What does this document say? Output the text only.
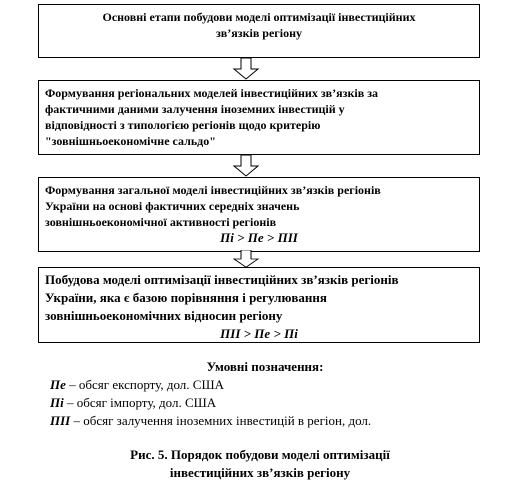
Основні етапи побудови моделі оптимізації інвестиційних
зв’язків регіону
Формування регіональних моделей інвестиційних зв’язків за
фактичними даними залучення іноземних інвестицій у
відповідності з типологією регіонів щодо критерію
"зовнішньоекономічне сальдо"
Формування загальної моделі інвестиційних зв’язків регіонів
України на основі фактичних середніх значень
зовнішньоекономічної активності регіонів
Пі > Пе > ПІІ
Побудова моделі оптимізації інвестиційних зв’язків регіонів
України, яка є базою порівняння і регулювання
зовнішньоекономічних відносин регіону
ПІІ > Пе > Пі
Умовні позначення:
Пе – обсяг експорту, дол. США
Пі – обсяг імпорту, дол. США
ПІІ – обсяг залучення іноземних інвестицій в регіон, дол.
Рис. 5. Порядок побудови моделі оптимізації
інвестиційних зв’язків регіону
